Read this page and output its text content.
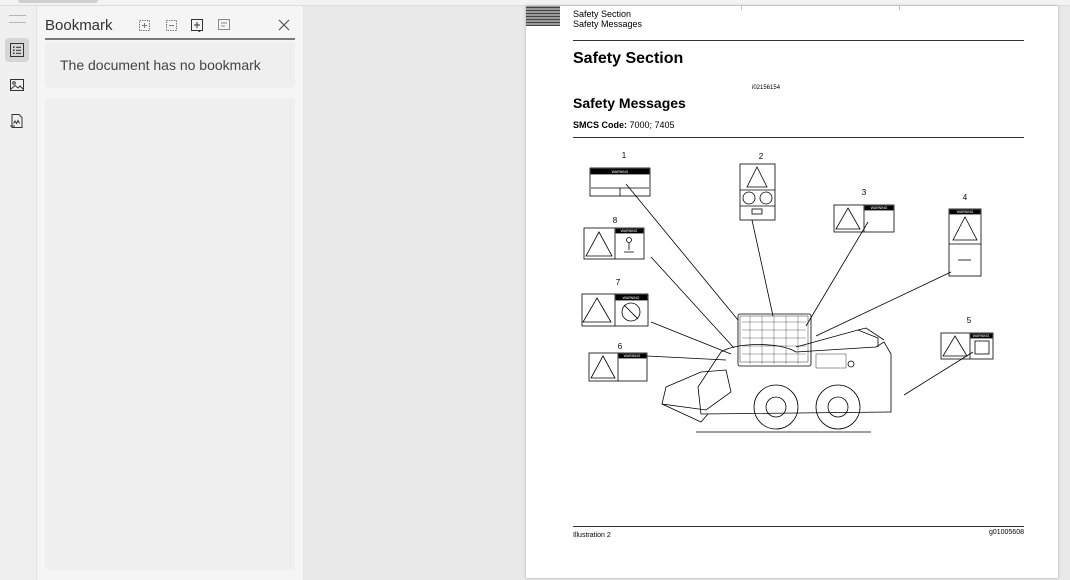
Bookmark
The document has no bookmark
Safety Section
Safety Messages
Safety Section
i02156154
Safety Messages
SMCS Code: 7000; 7405
1	2
3
4
5
6
7
8
WARNING
WARNING
WARNING
WARNING
WARNING
WARNING
WARNING
Illustration 2	g01005608
